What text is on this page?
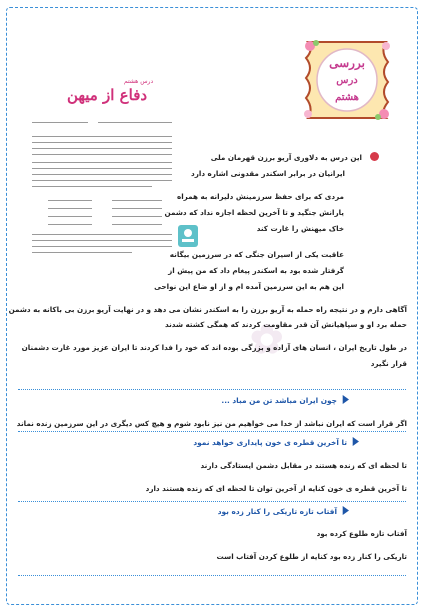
بررسی
درس
هشتم
درس هشتم
دفاع از میهن
✿
این درس به دلاوری آریو برزن قهرمان ملی
ایرانیان در برابر اسکندر مقدونی اشاره دارد
مردی که برای حفظ سرزمینش دلیرانه به همراه
یارانش جنگید و تا آخرین لحظه اجازه نداد که دشمن
خاک میهنش را غارت کند
عاقبت یکی از اسیران جنگی که در سرزمین بیگانه
گرفتار شده بود به اسکندر پیغام داد که من پیش از
این هم به این سرزمین آمده ام و از او ضاع این نواحی
آگاهی دارم و در نتیجه راه حمله به آریو برزن را به اسکندر نشان می دهد و در نهایت آریو برزن بی باکانه به دشمن
حمله برد او و سپاهیانش آن قدر مقاومت کردند که همگی کشته شدند
در طول تاریخ ایران ، انسان های آزاده و بزرگی بوده اند که خود را فدا کردند تا ایران عزیز مورد غارت دشمنان
قرار نگیرد
چون ایران مباشد تن من مباد ...
اگر قرار است که ایران نباشد از خدا می خواهیم من نیز نابود شوم و هیچ کس دیگری در این سرزمین زنده نماند
تا آخرین قطره ی خون پایداری خواهد نمود
تا لحظه ای که زنده هستند در مقابل دشمن ایستادگی دارند
تا آخرین قطره ی خون کنایه از آخرین توان تا لحظه ای که زنده هستند دارد
آفتاب تازه تاریکی را کنار زده بود
آفتاب تازه طلوع کرده بود
تاریکی را کنار زده بود کنایه از طلوع کردن آفتاب است
